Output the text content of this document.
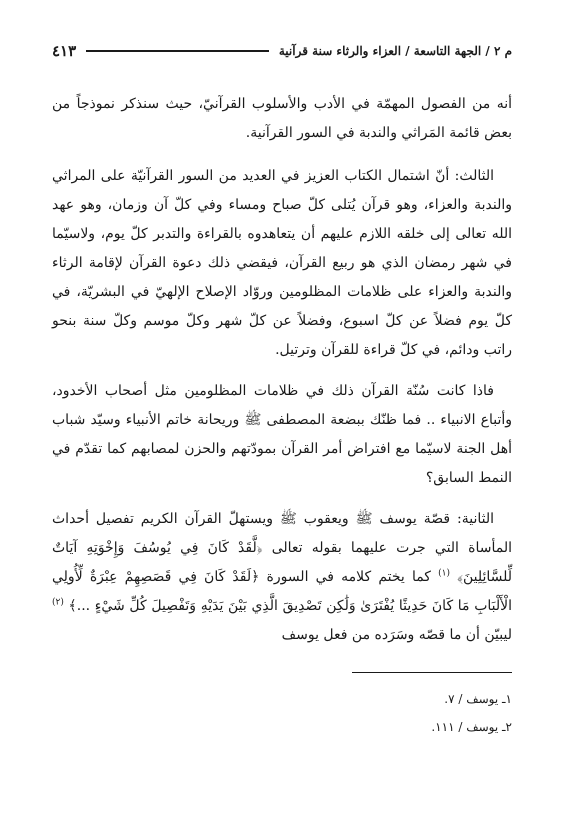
م ٢ / الجهة التاسعة / العزاء والرثاء سنة قرآنية
٤١٣

أنه من الفصول المهمّة في الأدب والأسلوب القرآنيّ، حيث سنذكر نموذجاً من بعض قائمة المَراثي والندبة في السور القرآنية.

الثالث: أنّ اشتمال الكتاب العزيز في العديد من السور القرآنيّة على المراثي والندبة والعزاء، وهو قرآن يُتلى كلّ صباح ومساء وفي كلّ آن وزمان، وهو عهد الله تعالى إلى خلقه اللازم عليهم أن يتعاهدوه بالقراءة والتدبر كلّ يوم، ولاسيّما في شهر رمضان الذي هو ربيع القرآن، فيقضي ذلك دعوة القرآن لإقامة الرثاء والندبة والعزاء على ظلامات المظلومين وروّاد الإصلاح الإلهيّ في البشريّة، في كلّ يوم فضلاً عن كلّ اسبوع، وفضلاً عن كلّ شهر وكلّ موسم وكلّ سنة بنحو راتب ودائم، في كلّ قراءة للقرآن وترتيل.

فاذا كانت سُنّة القرآن ذلك في ظلامات المظلومين مثل أصحاب الأخدود، وأتباع الانبياء .. فما ظنّك ببضعة المصطفى ﷺ وريحانة خاتم الأنبياء وسيّد شباب أهل الجنة لاسيّما مع افتراض أمر القرآن بمودّتهم والحزن لمصابهم كما تقدّم في النمط السابق؟

الثانية: قصّة يوسف ﷺ ويعقوب ﷺ ويستهلّ القرآن الكريم تفصيل أحداث المأساة التي جرت عليهما بقوله تعالى ﴿لَّقَدْ كَانَ فِي يُوسُفَ وَإِخْوَتِهِ آيَاتٌ لِّلسَّائِلِينَ﴾ $^{(١)}$ كما يختم كلامه في السورة ﴿لَقَدْ كَانَ فِي قَصَصِهِمْ عِبْرَةٌ لِّأُولِي الْأَلْبَابِ مَا كَانَ حَدِيثًا يُفْتَرَىٰ وَلَٰكِن تَصْدِيقَ الَّذِي بَيْنَ يَدَيْهِ وَتَفْصِيلَ كُلِّ شَيْءٍ ...﴾ $^{(٢)}$ ليبيّن أن ما قصّه وسَرَده من فعل يوسف

١ـ يوسف / ٧.

٢ـ يوسف / ١١١.
